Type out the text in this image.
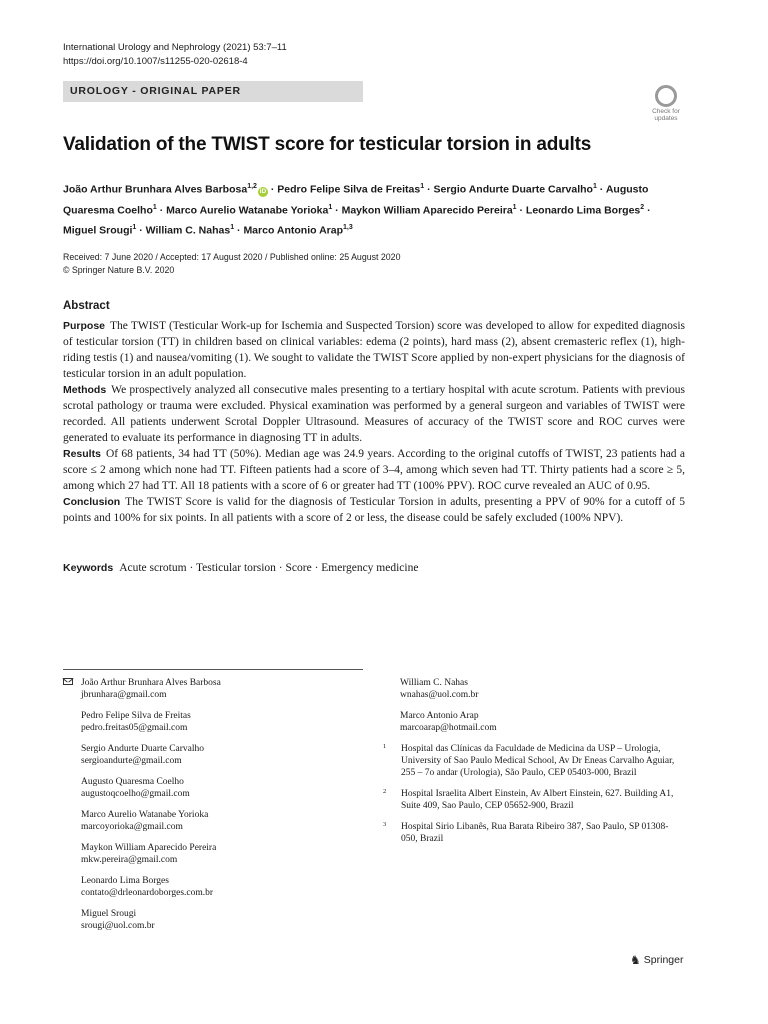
International Urology and Nephrology (2021) 53:7–11
https://doi.org/10.1007/s11255-020-02618-4
UROLOGY - ORIGINAL PAPER
Check for
updates
Validation of the TWIST score for testicular torsion in adults
João Arthur Brunhara Alves Barbosa$^{1,2}$iD · Pedro Felipe Silva de Freitas$^1$ · Sergio Andurte Duarte Carvalho$^1$ · Augusto Quaresma Coelho$^1$ · Marco Aurelio Watanabe Yorioka$^1$ · Maykon William Aparecido Pereira$^1$ · Leonardo Lima Borges$^2$ · Miguel Srougi$^1$ · William C. Nahas$^1$ · Marco Antonio Arap$^{1,3}$
Received: 7 June 2020 / Accepted: 17 August 2020 / Published online: 25 August 2020
© Springer Nature B.V. 2020
Abstract

Purpose The TWIST (Testicular Work-up for Ischemia and Suspected Torsion) score was developed to allow for expedited diagnosis of testicular torsion (TT) in children based on clinical variables: edema (2 points), hard mass (2), absent cremasteric reflex (1), high-riding testis (1) and nausea/vomiting (1). We sought to validate the TWIST Score applied by non-expert physicians for the diagnosis of testicular torsion in an adult population.

Methods We prospectively analyzed all consecutive males presenting to a tertiary hospital with acute scrotum. Patients with previous scrotal pathology or trauma were excluded. Physical examination was performed by a general surgeon and variables of TWIST were recorded. All patients underwent Scrotal Doppler Ultrasound. Measures of accuracy of the TWIST score and ROC curves were generated to evaluate its performance in diagnosing TT in adults.

Results Of 68 patients, 34 had TT (50%). Median age was 24.9 years. According to the original cutoffs of TWIST, 23 patients had a score ≤ 2 among which none had TT. Fifteen patients had a score of 3–4, among which seven had TT. Thirty patients had a score ≥ 5, among which 27 had TT. All 18 patients with a score of 6 or greater had TT (100% PPV). ROC curve revealed an AUC of 0.95.

Conclusion The TWIST Score is valid for the diagnosis of Testicular Torsion in adults, presenting a PPV of 90% for a cutoff of 5 points and 100% for six points. In all patients with a score of 2 or less, the disease could be safely excluded (100% NPV).

Keywords Acute scrotum · Testicular torsion · Score · Emergency medicine
João Arthur Brunhara Alves Barbosa
jbrunhara@gmail.com
Pedro Felipe Silva de Freitas
pedro.freitas05@gmail.com
Sergio Andurte Duarte Carvalho
sergioandurte@gmail.com
Augusto Quaresma Coelho
augustoqcoelho@gmail.com
Marco Aurelio Watanabe Yorioka
marcoyorioka@gmail.com
Maykon William Aparecido Pereira
mkw.pereira@gmail.com
Leonardo Lima Borges
contato@drleonardoborges.com.br
Miguel Srougi
srougi@uol.com.br
William C. Nahas
wnahas@uol.com.br
Marco Antonio Arap
marcoarap@hotmail.com
1 Hospital das Clínicas da Faculdade de Medicina da USP – Urologia, University of Sao Paulo Medical School, Av Dr Eneas Carvalho Aguiar, 255 – 7o andar (Urologia), São Paulo, CEP 05403-000, Brazil
2 Hospital Israelita Albert Einstein, Av Albert Einstein, 627. Building A1, Suite 409, Sao Paulo, CEP 05652-900, Brazil
3 Hospital Sirio Libanês, Rua Barata Ribeiro 387, Sao Paulo, SP 01308-050, Brazil
♞ Springer
